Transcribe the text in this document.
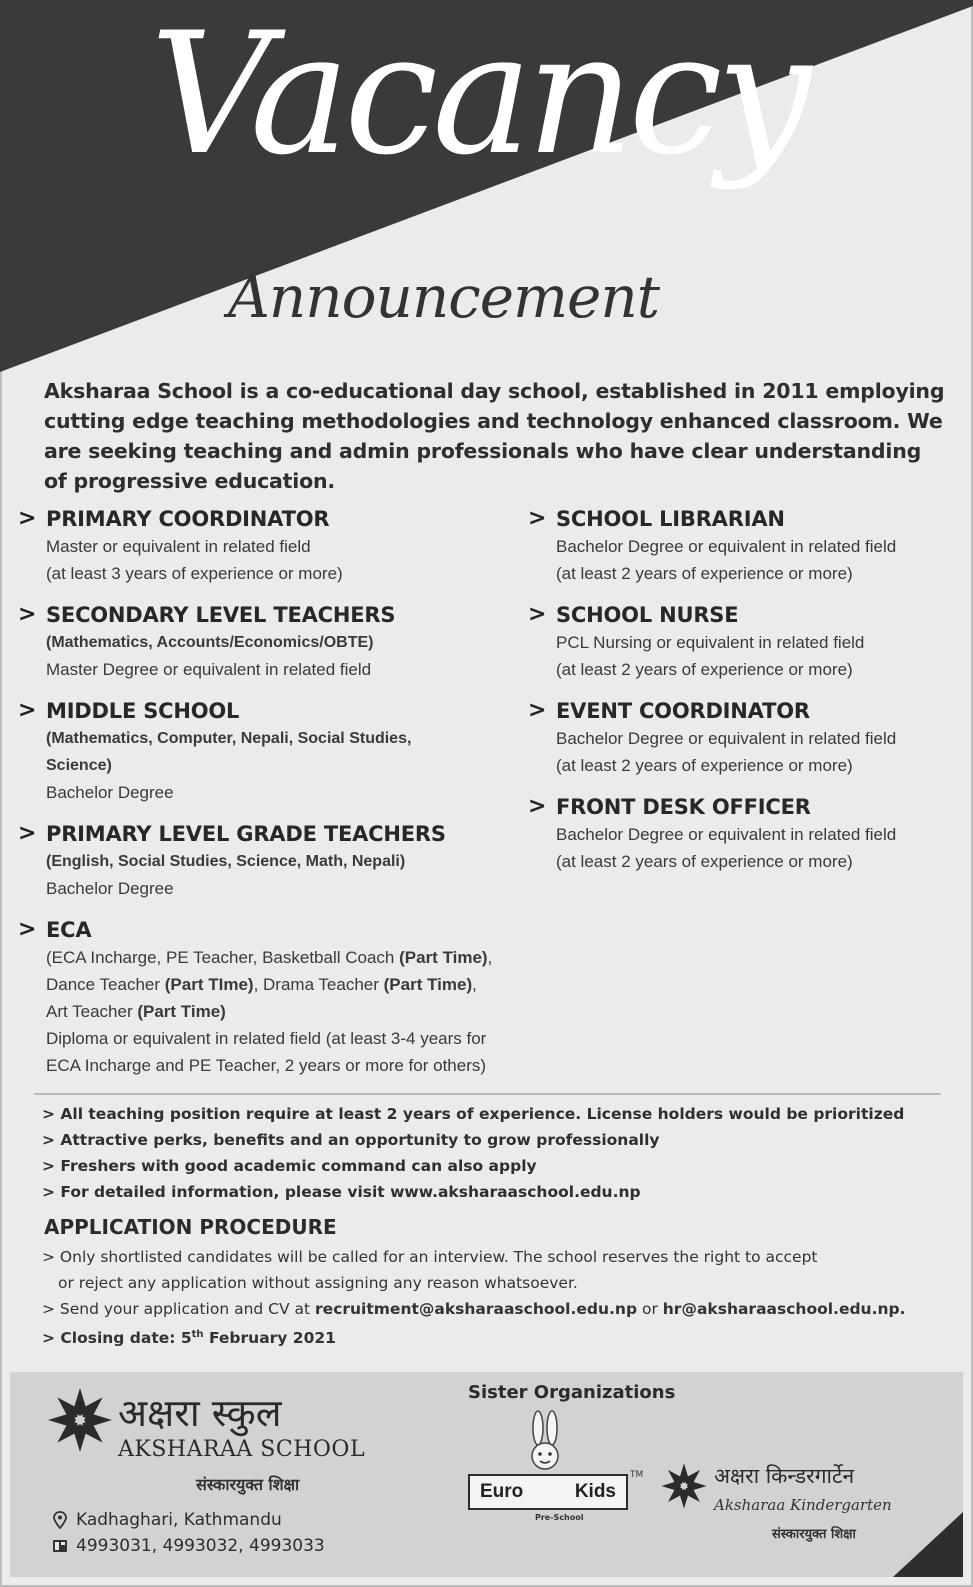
Vacancy
Announcement
Aksharaa School is a co-educational day school, established in 2011 employing cutting edge teaching methodologies and technology enhanced classroom. We are seeking teaching and admin professionals who have clear understanding of progressive education.
> PRIMARY COORDINATOR
Master or equivalent in related field
(at least 3 years of experience or more)
> SECONDARY LEVEL TEACHERS
(Mathematics, Accounts/Economics/OBTE)
Master Degree or equivalent in related field
> MIDDLE SCHOOL
(Mathematics, Computer, Nepali, Social Studies, Science)
Bachelor Degree
> PRIMARY LEVEL GRADE TEACHERS
(English, Social Studies, Science, Math, Nepali)
Bachelor Degree
> ECA
(ECA Incharge, PE Teacher, Basketball Coach (Part Time),
Dance Teacher (Part TIme), Drama Teacher (Part Time),
Art Teacher (Part Time)
Diploma or equivalent in related field (at least 3-4 years for
ECA Incharge and PE Teacher, 2 years or more for others)
> SCHOOL LIBRARIAN
Bachelor Degree or equivalent in related field
(at least 2 years of experience or more)
> SCHOOL NURSE
PCL Nursing or equivalent in related field
(at least 2 years of experience or more)
> EVENT COORDINATOR
Bachelor Degree or equivalent in related field
(at least 2 years of experience or more)
> FRONT DESK OFFICER
Bachelor Degree or equivalent in related field
(at least 2 years of experience or more)
> All teaching position require at least 2 years of experience. License holders would be prioritized
> Attractive perks, benefits and an opportunity to grow professionally
> Freshers with good academic command can also apply
> For detailed information, please visit www.aksharaaschool.edu.np
APPLICATION PROCEDURE
> Only shortlisted candidates will be called for an interview. The school reserves the right to accept
or reject any application without assigning any reason whatsoever.
> Send your application and CV at recruitment@aksharaaschool.edu.np or hr@aksharaaschool.edu.np.
> Closing date: 5th February 2021
अक्षरा स्कुल
AKSHARAA SCHOOL
संस्कारयुक्त शिक्षा
Kadhaghari, Kathmandu
4993031, 4993032, 4993033
Sister Organizations
Euro	Kids
TM
Pre-School
अक्षरा किन्डरगार्टेन
Aksharaa Kindergarten
संस्कारयुक्त शिक्षा
